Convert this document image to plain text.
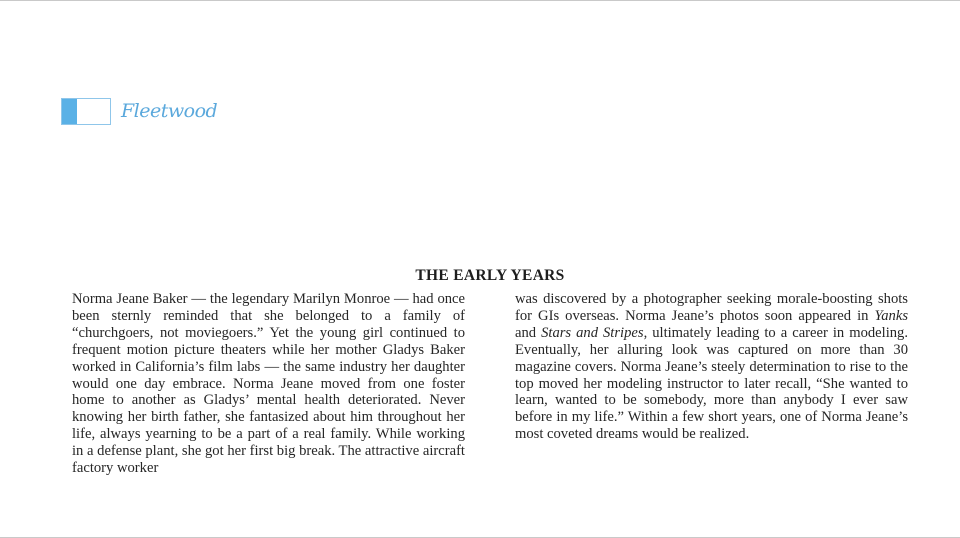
Fleetwood
THE EARLY YEARS
Norma Jeane Baker — the legendary Marilyn Monroe — had once been sternly reminded that she belonged to a family of “churchgoers, not moviegoers.” Yet the young girl continued to frequent motion picture theaters while her mother Gladys Baker worked in California’s film labs — the same industry her daughter would one day embrace. Norma Jeane moved from one foster home to another as Gladys’ mental health deteriorated. Never knowing her birth father, she fantasized about him throughout her life, always yearning to be a part of a real family. While working in a defense plant, she got her first big break. The attractive aircraft factory worker
was discovered by a photographer seeking morale-boosting shots for GIs overseas. Norma Jeane’s photos soon appeared in Yanks and Stars and Stripes, ultimately leading to a career in modeling. Eventually, her alluring look was captured on more than 30 magazine covers. Norma Jeane’s steely determination to rise to the top moved her modeling instructor to later recall, “She wanted to learn, wanted to be somebody, more than anybody I ever saw before in my life.” Within a few short years, one of Norma Jeane’s most coveted dreams would be realized.
